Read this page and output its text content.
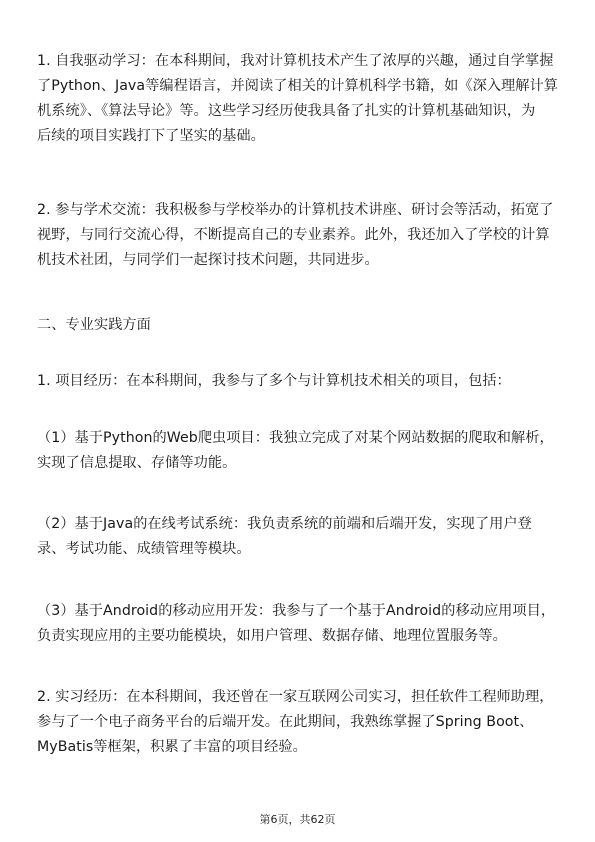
1. 自我驱动学习：在本科期间，我对计算机技术产生了浓厚的兴趣，通过自学掌握
了Python、Java等编程语言，并阅读了相关的计算机科学书籍，如《深入理解计算
机系统》、《算法导论》等。这些学习经历使我具备了扎实的计算机基础知识，为
后续的项目实践打下了坚实的基础。
2. 参与学术交流：我积极参与学校举办的计算机技术讲座、研讨会等活动，拓宽了
视野，与同行交流心得，不断提高自己的专业素养。此外，我还加入了学校的计算
机技术社团，与同学们一起探讨技术问题，共同进步。
二、专业实践方面
1. 项目经历：在本科期间，我参与了多个与计算机技术相关的项目，包括：
（1）基于Python的Web爬虫项目：我独立完成了对某个网站数据的爬取和解析，
实现了信息提取、存储等功能。
（2）基于Java的在线考试系统：我负责系统的前端和后端开发，实现了用户登
录、考试功能、成绩管理等模块。
（3）基于Android的移动应用开发：我参与了一个基于Android的移动应用项目，
负责实现应用的主要功能模块，如用户管理、数据存储、地理位置服务等。
2. 实习经历：在本科期间，我还曾在一家互联网公司实习，担任软件工程师助理，
参与了一个电子商务平台的后端开发。在此期间，我熟练掌握了Spring Boot、
MyBatis等框架，积累了丰富的项目经验。
第6页，共62页
